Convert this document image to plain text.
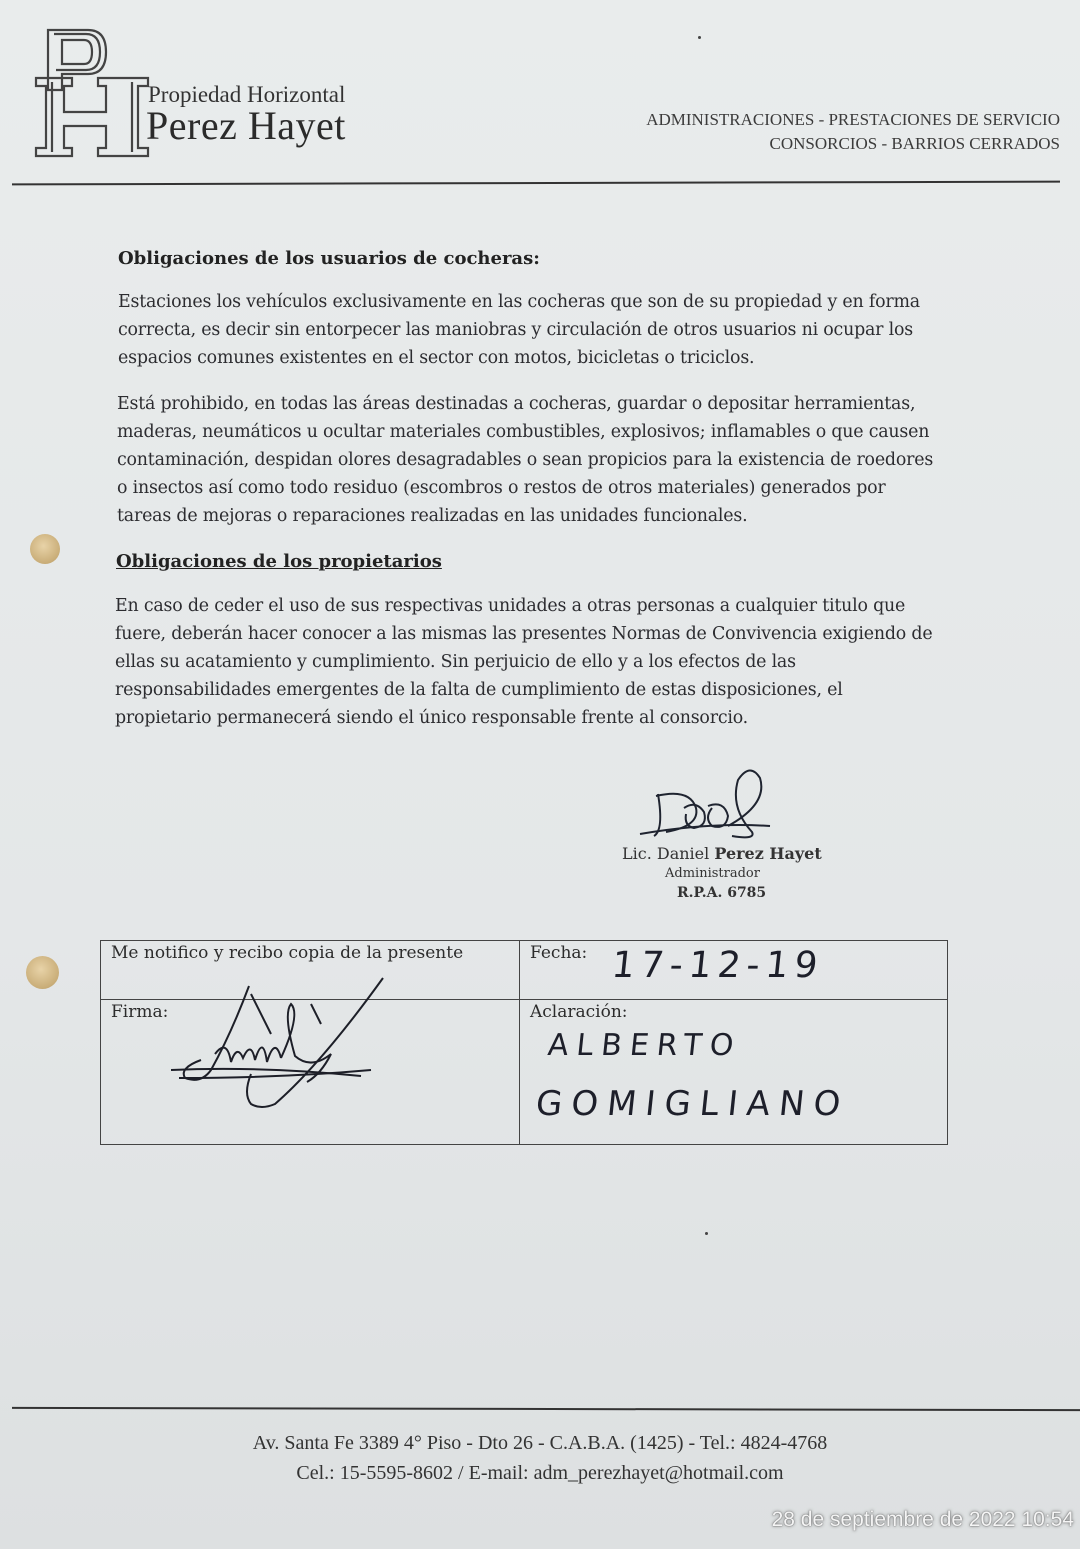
Propiedad Horizontal
Perez Hayet	ADMINISTRACIONES - PRESTACIONES DE SERVICIO
CONSORCIOS - BARRIOS CERRADOS
Obligaciones de los usuarios de cocheras:
Estaciones los vehículos exclusivamente en las cocheras que son de su propiedad y en forma
correcta, es decir sin entorpecer las maniobras y circulación de otros usuarios ni ocupar los
espacios comunes existentes en el sector con motos, bicicletas o triciclos.
Está prohibido, en todas las áreas destinadas a cocheras, guardar o depositar herramientas,
maderas, neumáticos u ocultar materiales combustibles, explosivos; inflamables o que causen
contaminación, despidan olores desagradables o sean propicios para la existencia de roedores
o insectos así como todo residuo (escombros o restos de otros materiales) generados por
tareas de mejoras o reparaciones realizadas en las unidades funcionales.
Obligaciones de los propietarios
En caso de ceder el uso de sus respectivas unidades a otras personas a cualquier titulo que
fuere, deberán hacer conocer a las mismas las presentes Normas de Convivencia exigiendo de
ellas su acatamiento y cumplimiento. Sin perjuicio de ello y a los efectos de las
responsabilidades emergentes de la falta de cumplimiento de estas disposiciones, el
propietario permanecerá siendo el único responsable frente al consorcio.
Lic. Daniel Perez Hayet
Administrador
R.P.A. 6785
Me notifico y recibo copia de la presente	Fecha: 17-12-19

Firma:	Aclaración:
ALBERTO
GOMIGLIANO
Av. Santa Fe 3389 4° Piso - Dto 26 - C.A.B.A. (1425) - Tel.: 4824-4768
Cel.: 15-5595-8602 / E-mail: adm_perezhayet@hotmail.com
28 de septiembre de 2022 10:54
